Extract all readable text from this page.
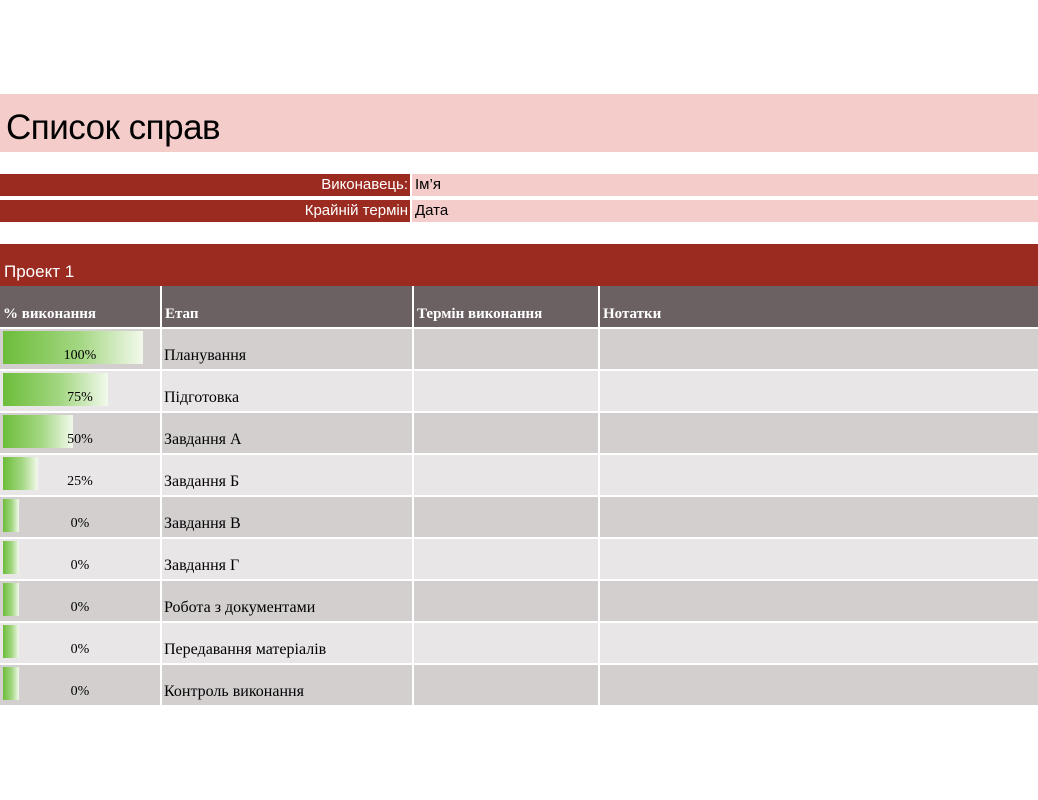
Список справ
Виконавець: Ім’я
Крайній термін Дата
Проект 1
% виконання	Етап	Термін виконання	Нотатки
100%	Планування
75%	Підготовка
50%	Завдання A
25%	Завдання Б
0%	Завдання В
0%	Завдання Г
0%	Робота з документами
0%	Передавання матеріалів
0%	Контроль виконання
